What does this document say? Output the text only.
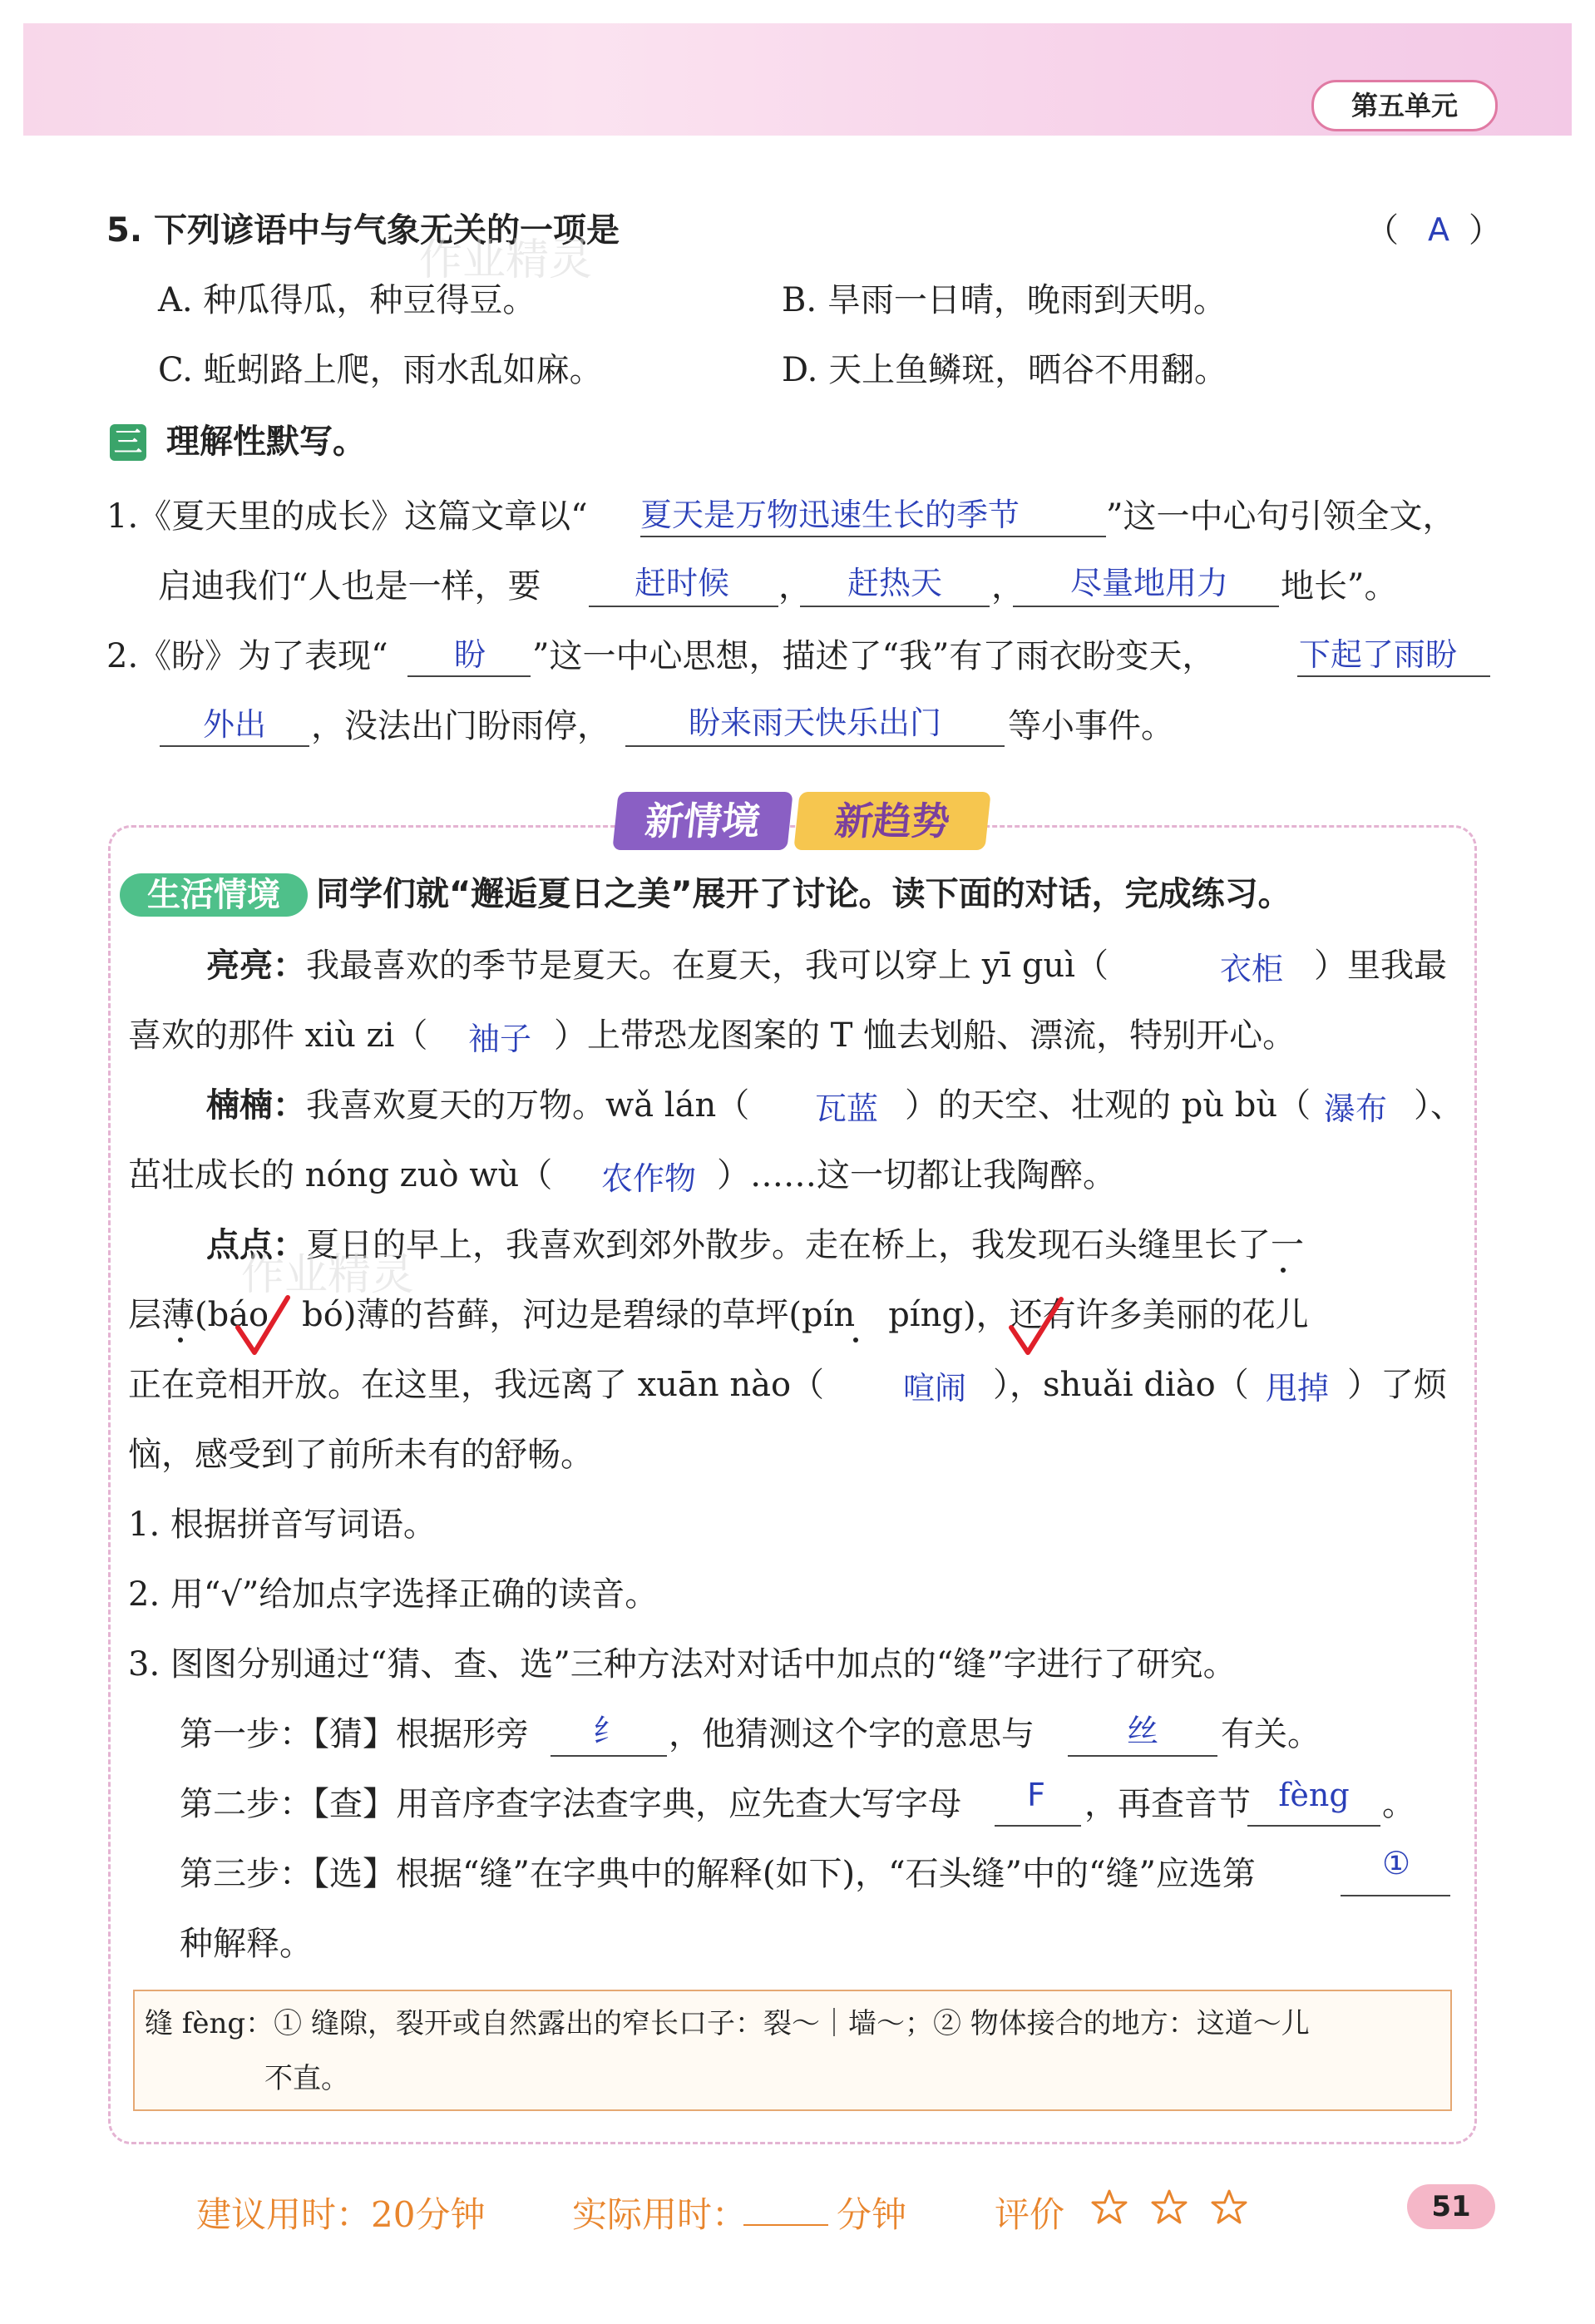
第五单元
5. 下列谚语中与气象无关的一项是	（ A ）
A. 种瓜得瓜，种豆得豆。	B. 旱雨一日晴，晚雨到天明。
C. 蚯蚓路上爬，雨水乱如麻。	D. 天上鱼鳞斑，晒谷不用翻。
三 理解性默写。
1.《夏天里的成长》这篇文章以“ 夏天是万物迅速生长的季节	”这一中心句引领全文，
启迪我们“人也是一样，要	赶时候	，	赶热天	，	尽量地用力	地长”。
2.《盼》为了表现“	盼	”这一中心思想，描述了“我”有了雨衣盼变天，	下起了雨盼
外出	，没法出门盼雨停，	盼来雨天快乐出门	等小事件。
新情境	新趋势
生活情境	同学们就“邂逅夏日之美”展开了讨论。读下面的对话，完成练习。
亮亮： 我最喜欢的季节是夏天。在夏天，我可以穿上 yī guì（	衣柜 ）里我最
喜欢的那件 xiù zi（	袖子 ）上带恐龙图案的 T 恤去划船、漂流，特别开心。
楠楠： 我喜欢夏天的万物。wǎ lán（	瓦蓝 ）的天空、壮观的 pù bù（ 瀑布 ）、
茁壮成长的 nóng zuò wù（	农作物 ）……这一切都让我陶醉。
点点： 夏日的早上，我喜欢到郊外散步。走在桥上，我发现石头缝里长了一
层薄(báo　bó)薄的苔藓，河边是碧绿的草坪(pín　píng)，还有许多美丽的花儿
正在竞相开放。在这里，我远离了 xuān nào（	喧闹 ），shuǎi diào（ 甩掉 ）了烦
恼，感受到了前所未有的舒畅。
1. 根据拼音写词语。
2. 用“√”给加点字选择正确的读音。
3. 图图分别通过“猜、查、选”三种方法对对话中加点的“缝”字进行了研究。
第一步：【猜】根据形旁	纟	，他猜测这个字的意思与	丝	有关。
第二步：【查】用音序查字法查字典，应先查大写字母	F	，再查音节 fèng 。
第三步：【选】根据“缝”在字典中的解释(如下)，“石头缝”中的“缝”应选第	①
种解释。
缝 fèng：① 缝隙，裂开或自然露出的窄长口子：裂～｜墙～；② 物体接合的地方：这道～儿
不直。
作业精灵
作业精灵
建议用时：20分钟 实际用时：	分钟	评价	51
